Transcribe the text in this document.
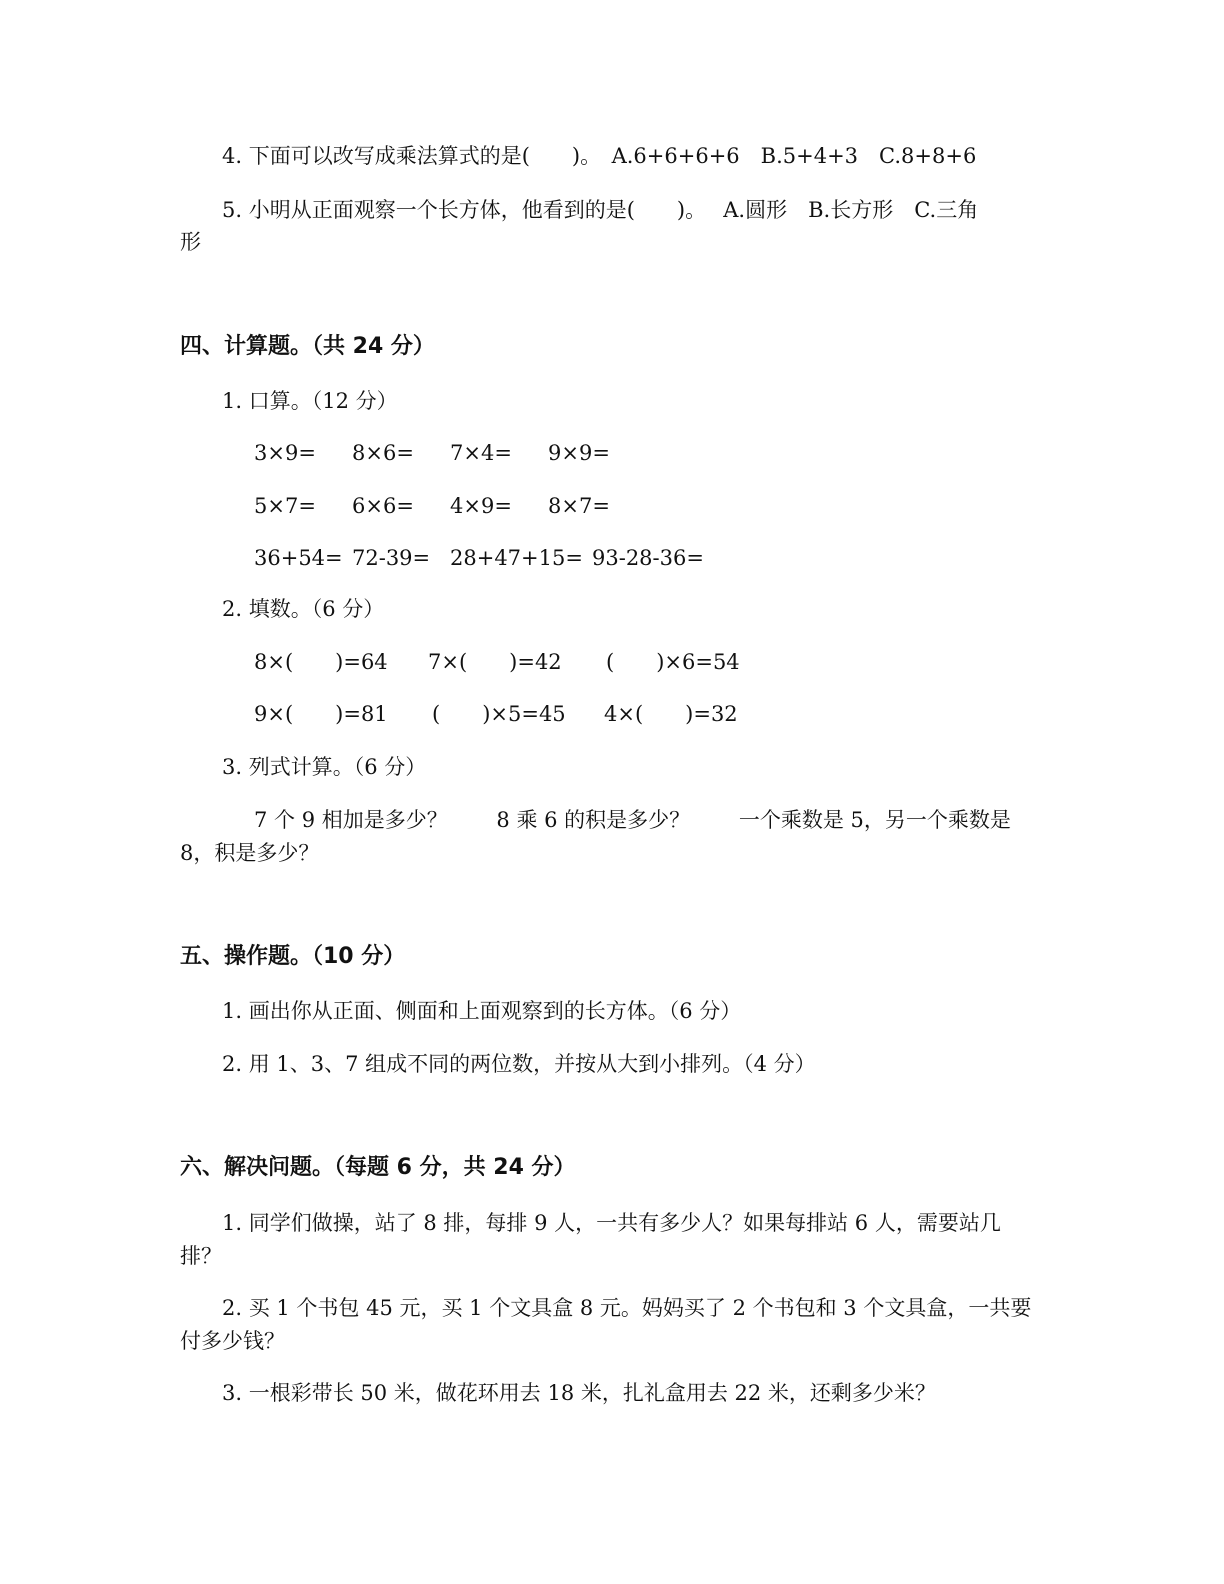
4. 下面可以改写成乘法算式的是(　　)。　A.6+6+6+6　B.5+4+3　C.8+8+6
5. 小明从正面观察一个长方体，他看到的是(　　)。　 A.圆形　B.长方形　C.三角
形
四、计算题。（共 24 分）
1. 口算。（12 分）
3×9= 8×6= 7×4= 9×9=
5×7= 6×6= 4×9= 8×7=
36+54= 72-39= 28+47+15= 93-28-36=
2. 填数。（6 分）
8×(　　)=64 7×(　　)=42 (　　)×6=54
9×(　　)=81 (　　)×5=45 4×(　　)=32
3. 列式计算。（6 分）
7 个 9 相加是多少？　　 8 乘 6 的积是多少？　　 一个乘数是 5，另一个乘数是
8，积是多少？
五、操作题。（10 分）
1. 画出你从正面、侧面和上面观察到的长方体。（6 分）
2. 用 1、3、7 组成不同的两位数，并按从大到小排列。（4 分）
六、解决问题。（每题 6 分，共 24 分）
1. 同学们做操，站了 8 排，每排 9 人，一共有多少人？如果每排站 6 人，需要站几
排？
2. 买 1 个书包 45 元，买 1 个文具盒 8 元。妈妈买了 2 个书包和 3 个文具盒，一共要
付多少钱？
3. 一根彩带长 50 米，做花环用去 18 米，扎礼盒用去 22 米，还剩多少米？
